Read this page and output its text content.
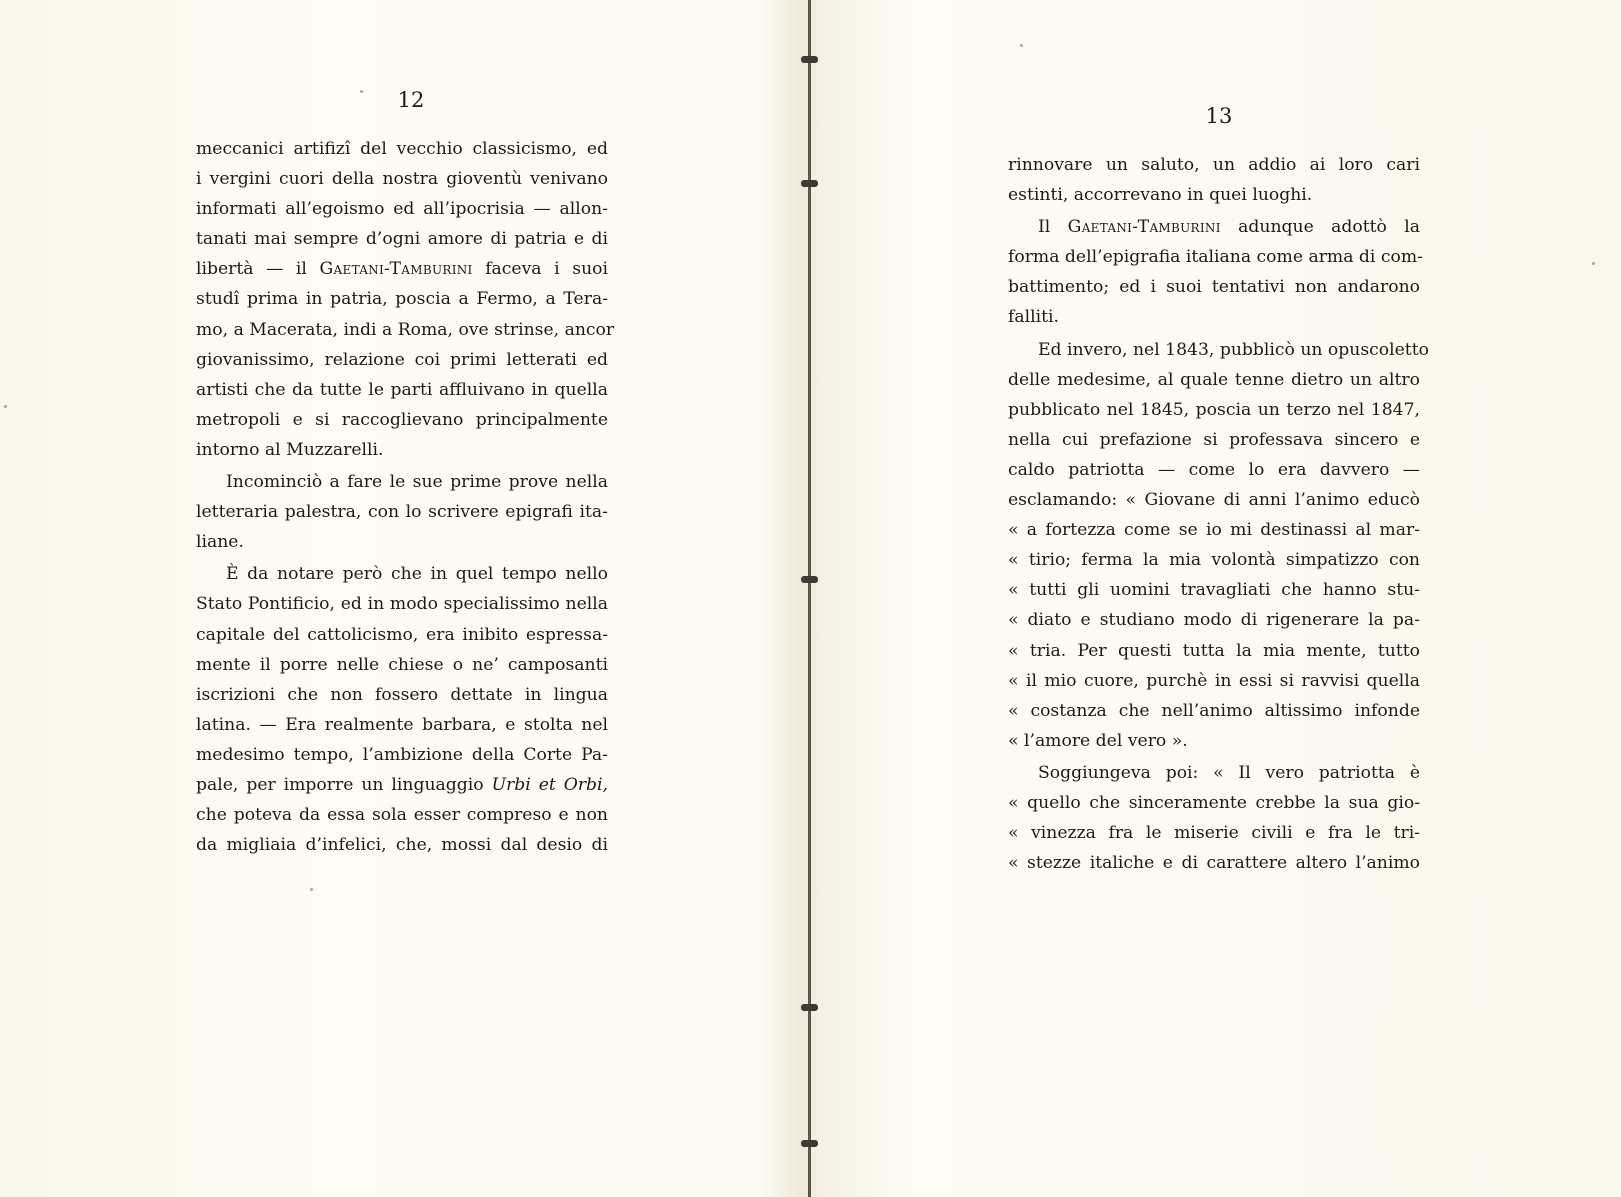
12
meccanici artifizî del vecchio classicismo, ed
i vergini cuori della nostra gioventù venivano
informati all’egoismo ed all’ipocrisia — allon-
tanati mai sempre d’ogni amore di patria e di
libertà — il Gaetani-Tamburini faceva i suoi
studî prima in patria, poscia a Fermo, a Tera-
mo, a Macerata, indi a Roma, ove strinse, ancor
giovanissimo, relazione coi primi letterati ed
artisti che da tutte le parti affluivano in quella
metropoli e si raccoglievano principalmente
intorno al Muzzarelli.
Incominciò a fare le sue prime prove nella
letteraria palestra, con lo scrivere epigrafi ita-
liane.
È da notare però che in quel tempo nello
Stato Pontificio, ed in modo specialissimo nella
capitale del cattolicismo, era inibito espressa-
mente il porre nelle chiese o ne’ camposanti
iscrizioni che non fossero dettate in lingua
latina. — Era realmente barbara, e stolta nel
medesimo tempo, l’ambizione della Corte Pa-
pale, per imporre un linguaggio Urbi et Orbi,
che poteva da essa sola esser compreso e non
da migliaia d’infelici, che, mossi dal desio di
13
rinnovare un saluto, un addio ai loro cari
estinti, accorrevano in quei luoghi.
Il Gaetani-Tamburini adunque adottò la
forma dell’epigrafia italiana come arma di com-
battimento; ed i suoi tentativi non andarono
falliti.
Ed invero, nel 1843, pubblicò un opuscoletto
delle medesime, al quale tenne dietro un altro
pubblicato nel 1845, poscia un terzo nel 1847,
nella cui prefazione si professava sincero e
caldo patriotta — come lo era davvero —
esclamando: « Giovane di anni l’animo educò
« a fortezza come se io mi destinassi al mar-
« tirio; ferma la mia volontà simpatizzo con
« tutti gli uomini travagliati che hanno stu-
« diato e studiano modo di rigenerare la pa-
« tria. Per questi tutta la mia mente, tutto
« il mio cuore, purchè in essi si ravvisi quella
« costanza che nell’animo altissimo infonde
« l’amore del vero ».
Soggiungeva poi: « Il vero patriotta è
« quello che sinceramente crebbe la sua gio-
« vinezza fra le miserie civili e fra le tri-
« stezze italiche e di carattere altero l’animo
